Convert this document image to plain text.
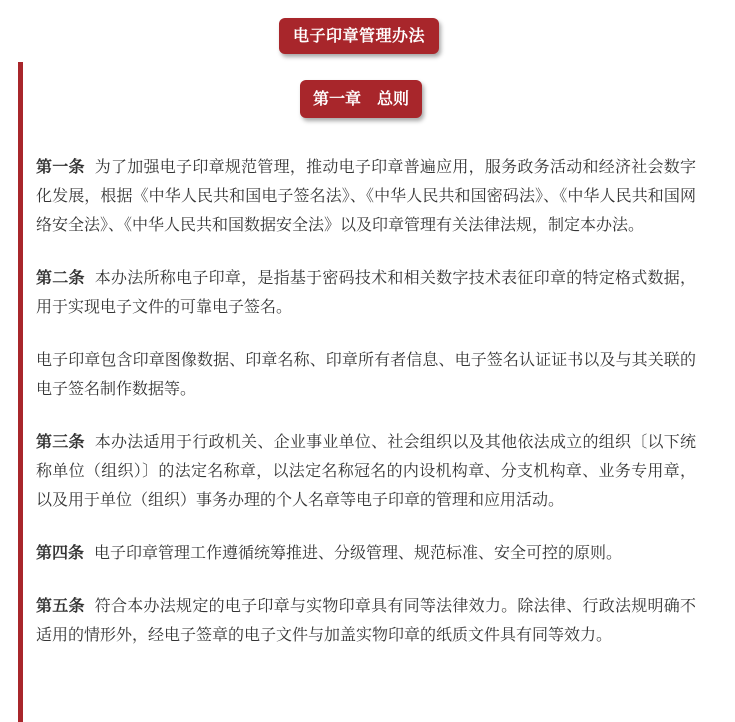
电子印章管理办法
第一章　总则

第一条 为了加强电子印章规范管理，推动电子印章普遍应用，服务政务活动和经济社会数字化发展，根据《中华人民共和国电子签名法》、《中华人民共和国密码法》、《中华人民共和国网络安全法》、《中华人民共和国数据安全法》以及印章管理有关法律法规，制定本办法。

第二条 本办法所称电子印章，是指基于密码技术和相关数字技术表征印章的特定格式数据，用于实现电子文件的可靠电子签名。

电子印章包含印章图像数据、印章名称、印章所有者信息、电子签名认证证书以及与其关联的电子签名制作数据等。

第三条 本办法适用于行政机关、企业事业单位、社会组织以及其他依法成立的组织〔以下统称单位（组织）〕的法定名称章，以法定名称冠名的内设机构章、分支机构章、业务专用章，以及用于单位（组织）事务办理的个人名章等电子印章的管理和应用活动。

第四条 电子印章管理工作遵循统筹推进、分级管理、规范标准、安全可控的原则。

第五条 符合本办法规定的电子印章与实物印章具有同等法律效力。除法律、行政法规明确不适用的情形外，经电子签章的电子文件与加盖实物印章的纸质文件具有同等效力。
